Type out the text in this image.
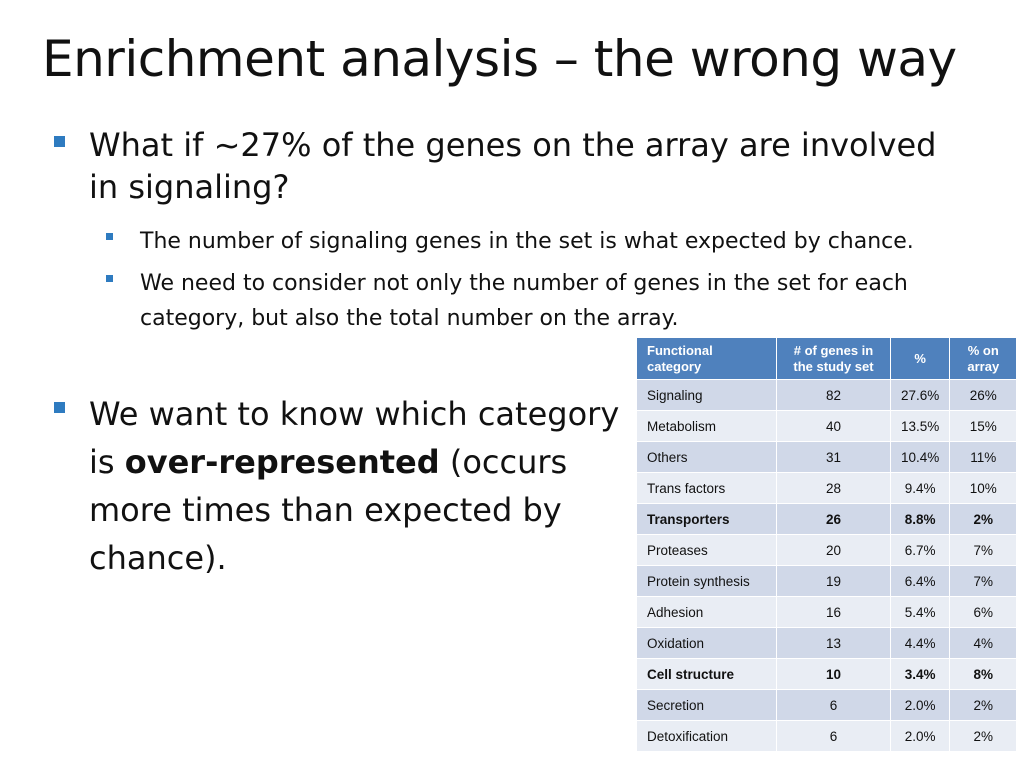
Enrichment analysis – the wrong way
What if ~27% of the genes on the array are involved in signaling?
The number of signaling genes in the set is what expected by chance.
We need to consider not only the number of genes in the set for each category, but also the total number on the array.
We want to know which category is over-represented (occurs more times than expected by chance).
Functional category	# of genes in the study set	%	% on array
Signaling	82	27.6%	26%
Metabolism	40	13.5%	15%
Others	31	10.4%	11%
Trans factors	28	9.4%	10%
Transporters	26	8.8%	2%
Proteases	20	6.7%	7%
Protein synthesis	19	6.4%	7%
Adhesion	16	5.4%	6%
Oxidation	13	4.4%	4%
Cell structure	10	3.4%	8%
Secretion	6	2.0%	2%
Detoxification	6	2.0%	2%
